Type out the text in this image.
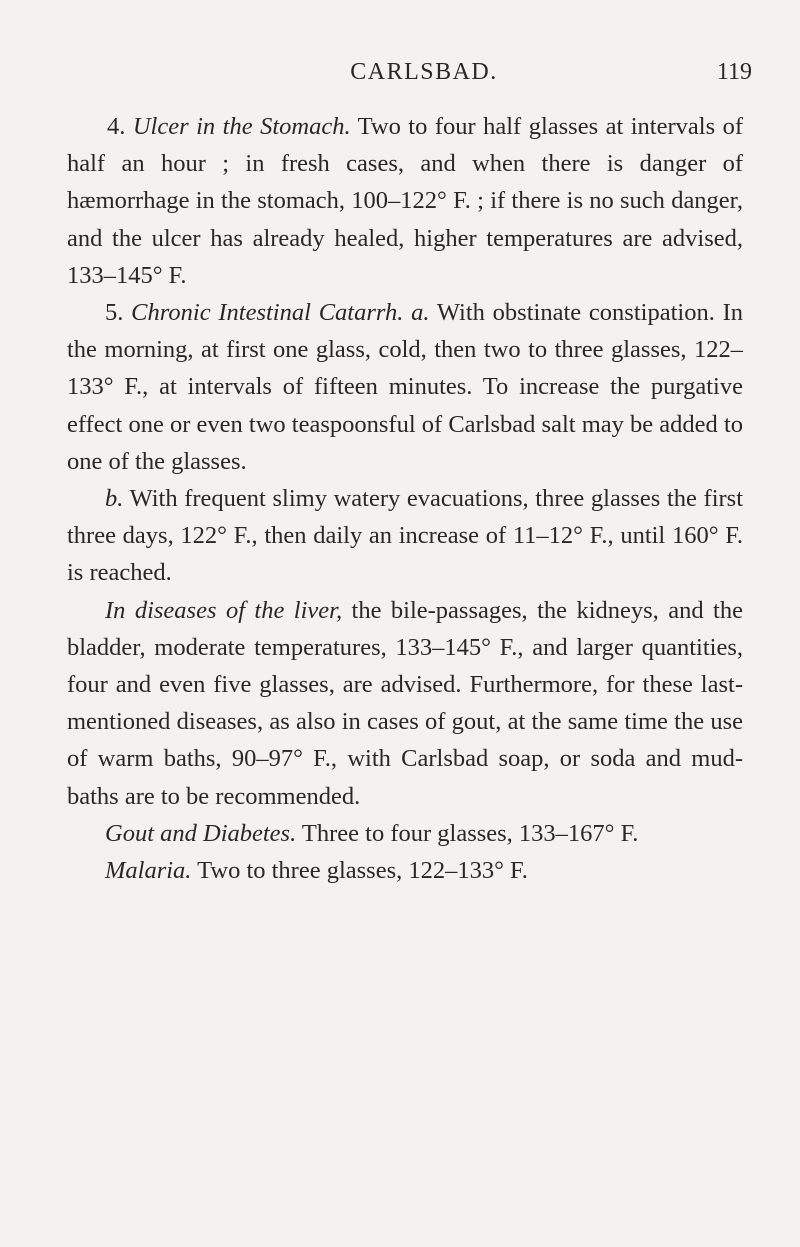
CARLSBAD.	119

4. Ulcer in the Stomach. Two to four half glasses at intervals of half an hour ; in fresh cases, and when there is danger of hæmorrhage in the stomach, 100–122° F. ; if there is no such danger, and the ulcer has already healed, higher temperatures are advised, 133–145° F.

5. Chronic Intestinal Catarrh. a. With obstinate constipation. In the morning, at first one glass, cold, then two to three glasses, 122–133° F., at intervals of fifteen minutes. To increase the purgative effect one or even two teaspoonsful of Carlsbad salt may be added to one of the glasses.

b. With frequent slimy watery evacuations, three glasses the first three days, 122° F., then daily an increase of 11–12° F., until 160° F. is reached.

In diseases of the liver, the bile-passages, the kidneys, and the bladder, moderate temperatures, 133–145° F., and larger quantities, four and even five glasses, are advised. Furthermore, for these last-mentioned diseases, as also in cases of gout, at the same time the use of warm baths, 90–97° F., with Carlsbad soap, or soda and mud-baths are to be recommended.

Gout and Diabetes. Three to four glasses, 133–167° F.

Malaria. Two to three glasses, 122–133° F.
